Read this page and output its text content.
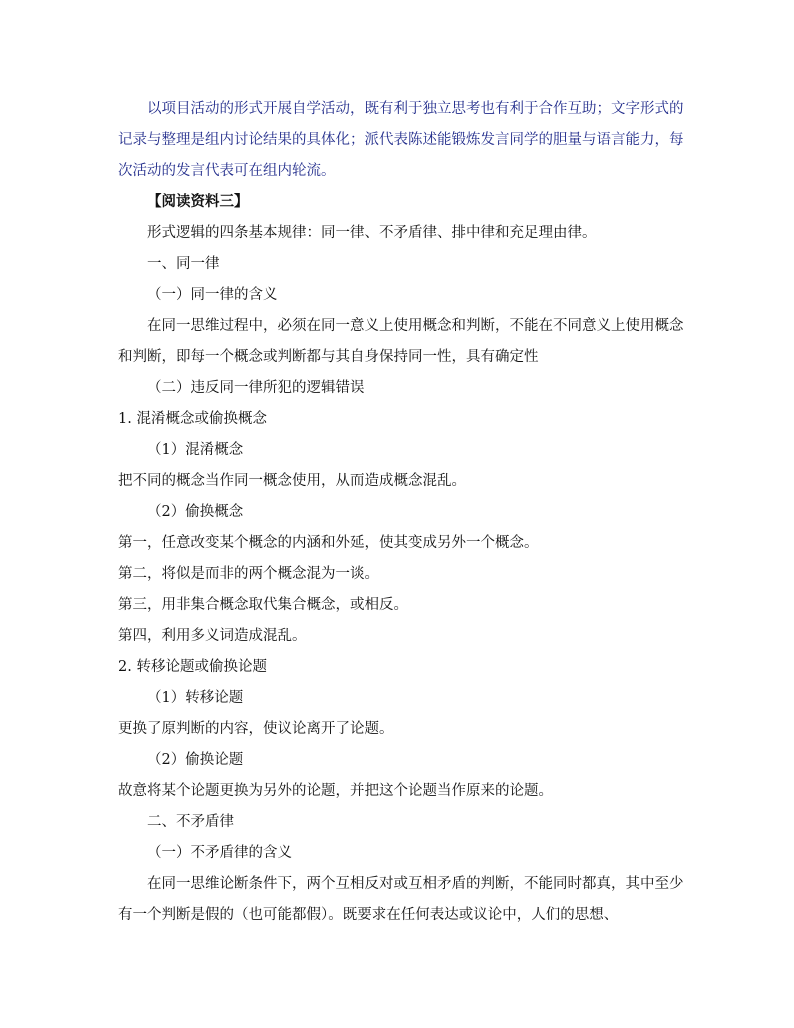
以项目活动的形式开展自学活动，既有利于独立思考也有利于合作互助；文字形式的记录与整理是组内讨论结果的具体化；派代表陈述能锻炼发言同学的胆量与语言能力，每次活动的发言代表可在组内轮流。

【阅读资料三】

形式逻辑的四条基本规律：同一律、不矛盾律、排中律和充足理由律。

一、同一律

（一）同一律的含义

在同一思维过程中，必须在同一意义上使用概念和判断，不能在不同意义上使用概念和判断，即每一个概念或判断都与其自身保持同一性，具有确定性

（二）违反同一律所犯的逻辑错误

1. 混淆概念或偷换概念

（1）混淆概念

把不同的概念当作同一概念使用，从而造成概念混乱。

（2）偷换概念

第一，任意改变某个概念的内涵和外延，使其变成另外一个概念。

第二，将似是而非的两个概念混为一谈。

第三，用非集合概念取代集合概念，或相反。

第四，利用多义词造成混乱。

2. 转移论题或偷换论题

（1）转移论题

更换了原判断的内容，使议论离开了论题。

（2）偷换论题

故意将某个论题更换为另外的论题，并把这个论题当作原来的论题。

二、不矛盾律

（一）不矛盾律的含义

在同一思维论断条件下，两个互相反对或互相矛盾的判断，不能同时都真，其中至少有一个判断是假的（也可能都假）。既要求在任何表达或议论中，人们的思想、
